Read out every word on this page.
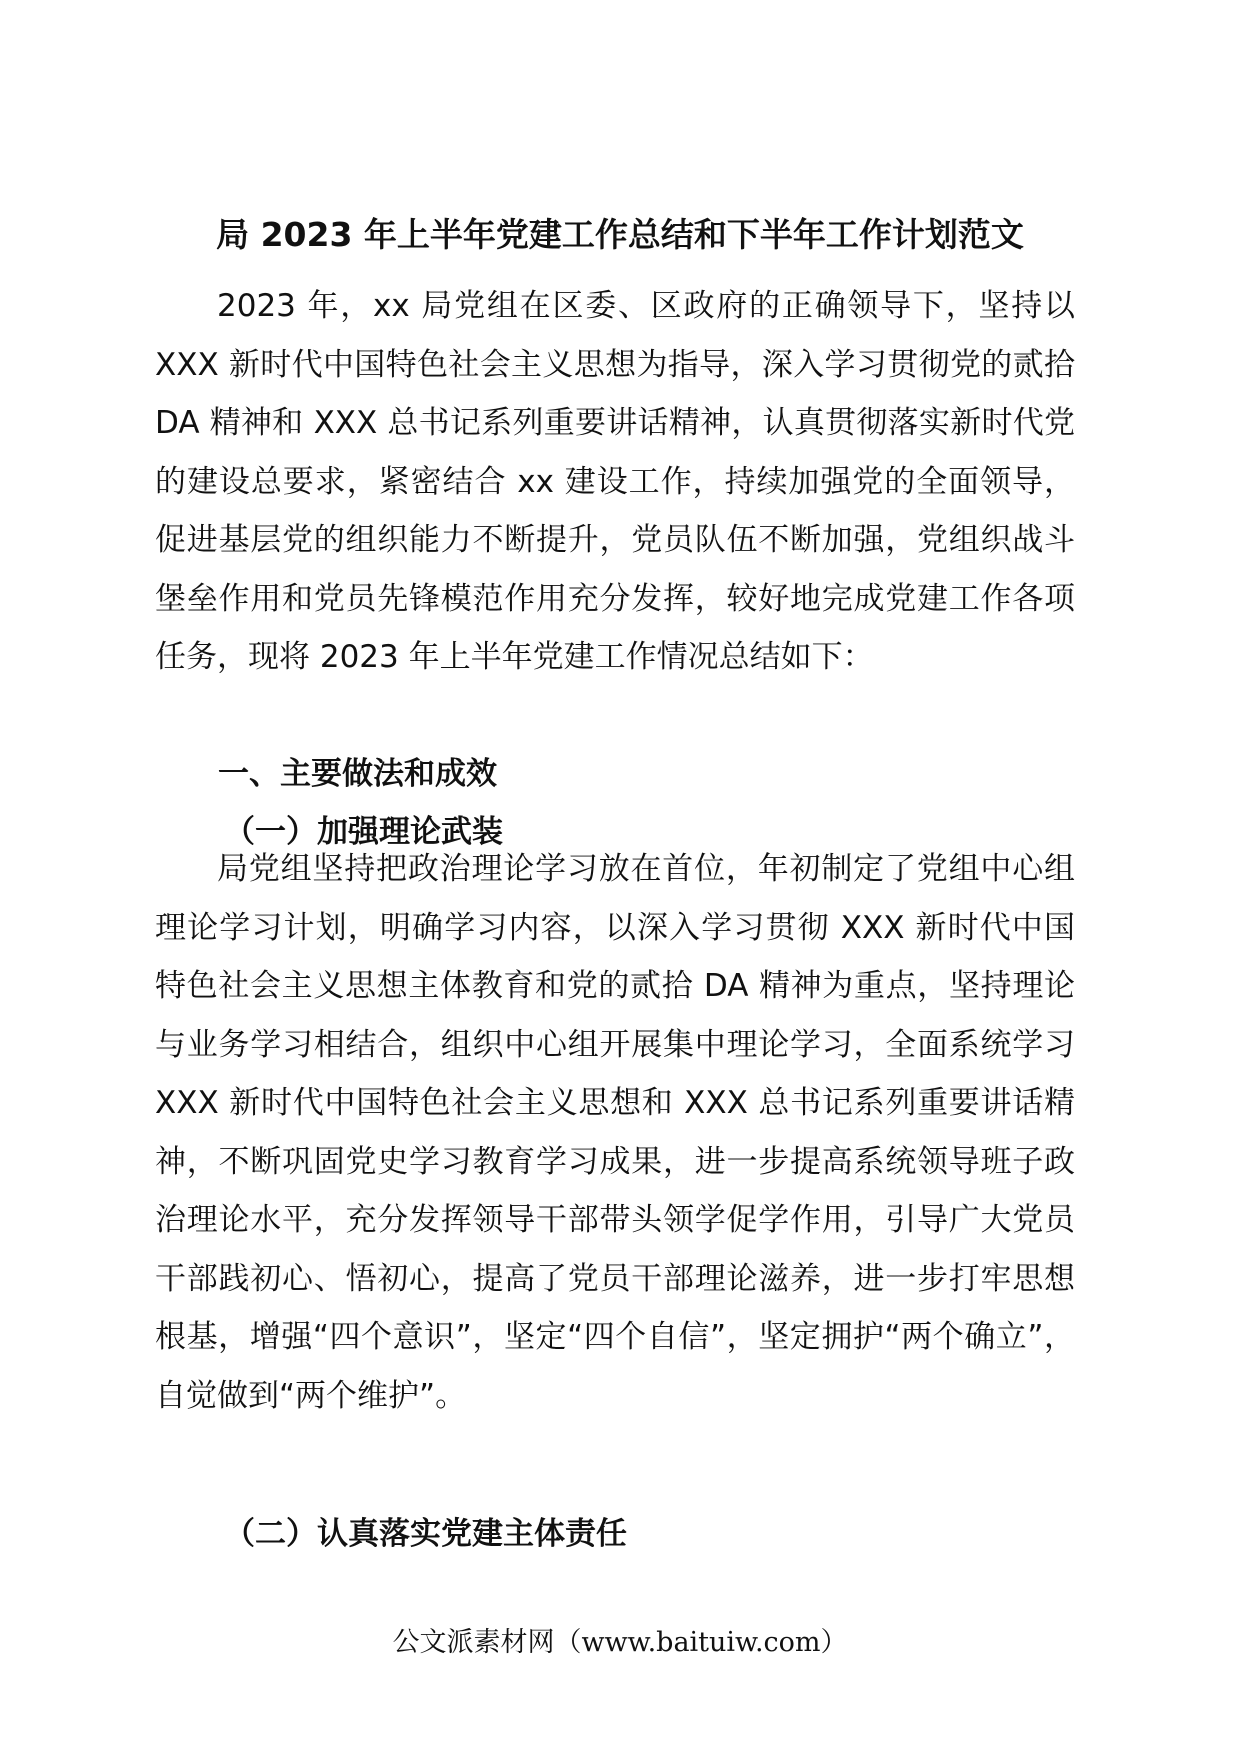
局 2023 年上半年党建工作总结和下半年工作计划范文

2023 年，xx 局党组在区委、区政府的正确领导下，坚持以 XXX 新时代中国特色社会主义思想为指导，深入学习贯彻党的贰拾 DA 精神和 XXX 总书记系列重要讲话精神，认真贯彻落实新时代党的建设总要求，紧密结合 xx 建设工作，持续加强党的全面领导，促进基层党的组织能力不断提升，党员队伍不断加强，党组织战斗堡垒作用和党员先锋模范作用充分发挥，较好地完成党建工作各项任务，现将 2023 年上半年党建工作情况总结如下：

一、主要做法和成效
（一）加强理论武装

局党组坚持把政治理论学习放在首位，年初制定了党组中心组理论学习计划，明确学习内容，以深入学习贯彻 XXX 新时代中国特色社会主义思想主体教育和党的贰拾 DA 精神为重点，坚持理论与业务学习相结合，组织中心组开展集中理论学习，全面系统学习 XXX 新时代中国特色社会主义思想和 XXX 总书记系列重要讲话精神，不断巩固党史学习教育学习成果，进一步提高系统领导班子政治理论水平，充分发挥领导干部带头领学促学作用，引导广大党员干部践初心、悟初心，提高了党员干部理论滋养，进一步打牢思想根基，增强“四个意识”，坚定“四个自信”，坚定拥护“两个确立”，自觉做到“两个维护”。

（二）认真落实党建主体责任
公文派素材网（www.baituiw.com）
